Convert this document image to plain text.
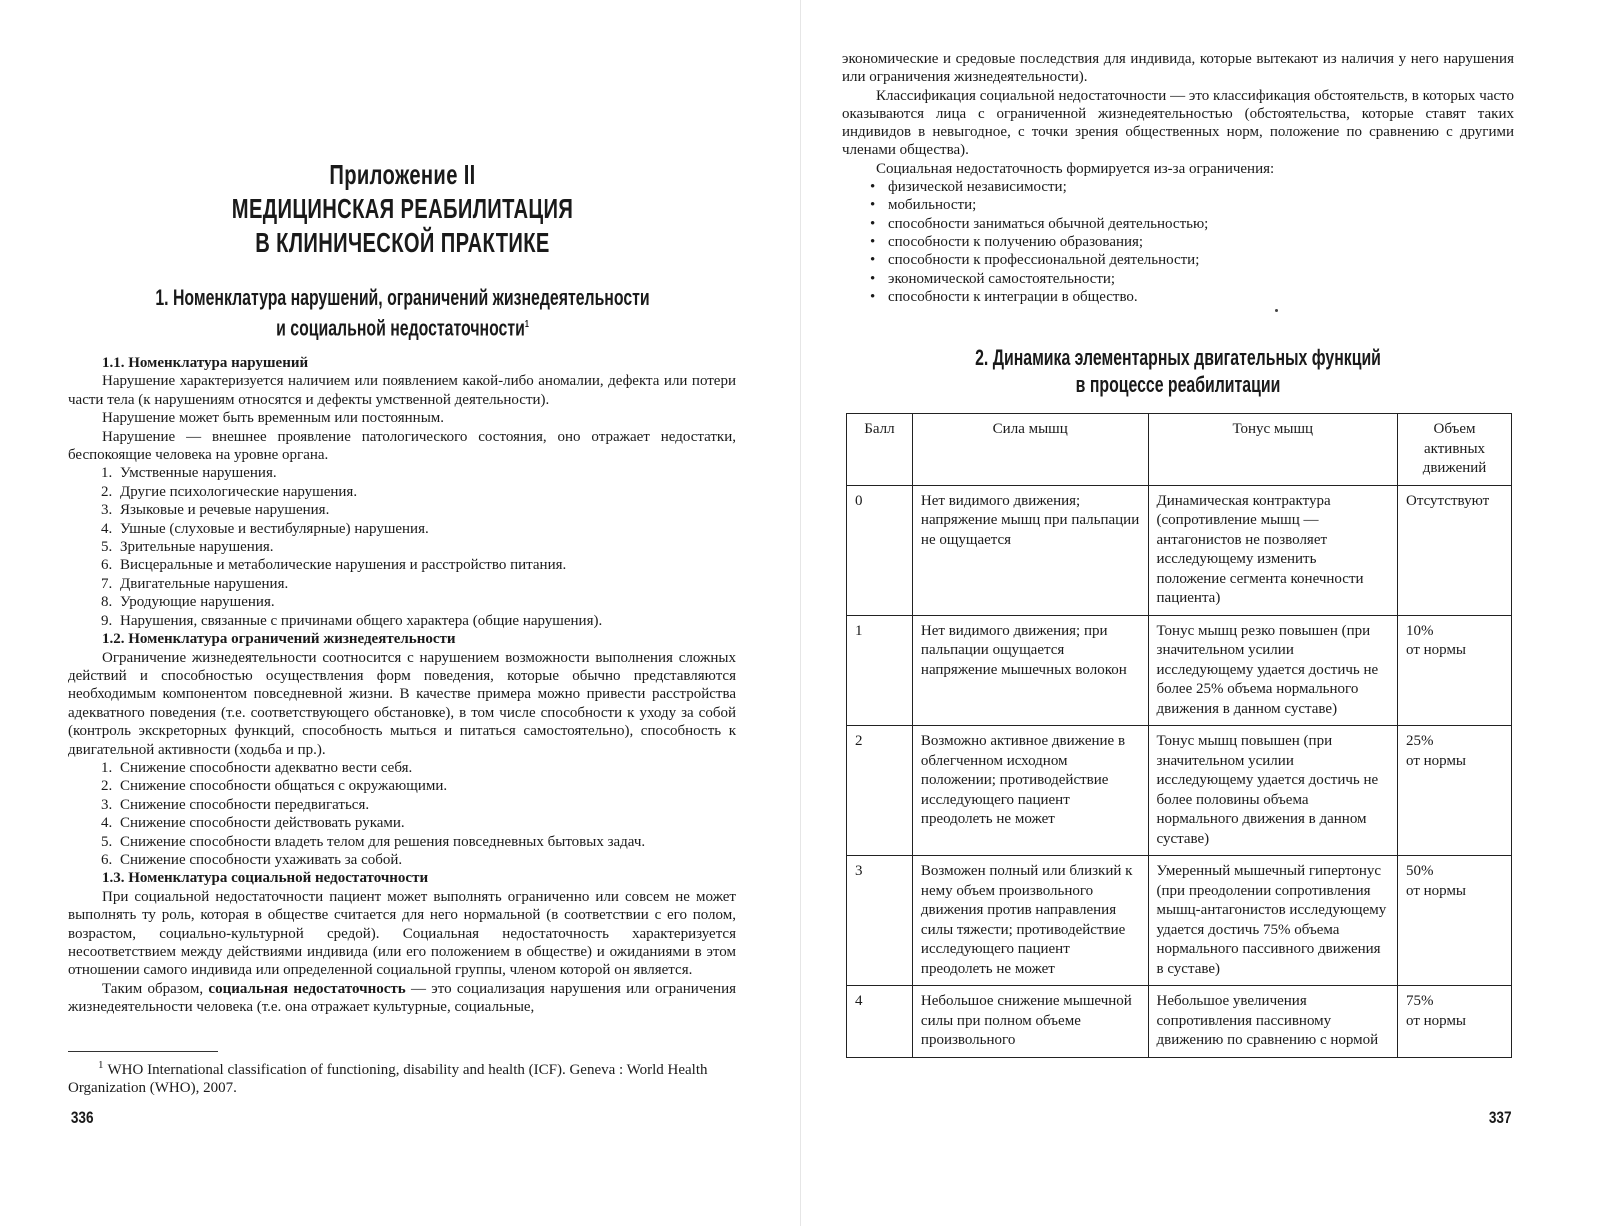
Приложение II
МЕДИЦИНСКАЯ РЕАБИЛИТАЦИЯ
В КЛИНИЧЕСКОЙ ПРАКТИКЕ
1. Номенклатура нарушений, ограничений жизнедеятельности
и социальной недостаточности$^1$

1.1. Номенклатура нарушений

Нарушение характеризуется наличием или появлением какой-либо аномалии, дефекта или потери части тела (к нарушениям относятся и дефекты умственной деятельности).

Нарушение может быть временным или постоянным.

Нарушение — внешнее проявление патологического состояния, оно отражает недостатки, беспокоящие человека на уровне органа.

1. Умственные нарушения.
2. Другие психологические нарушения.
3. Языковые и речевые нарушения.
4. Ушные (слуховые и вестибулярные) нарушения.
5. Зрительные нарушения.
6. Висцеральные и метаболические нарушения и расстройство питания.
7. Двигательные нарушения.
8. Уродующие нарушения.
9. Нарушения, связанные с причинами общего характера (общие нарушения).

1.2. Номенклатура ограничений жизнедеятельности

Ограничение жизнедеятельности соотносится с нарушением возможности выполнения сложных действий и способностью осуществления форм поведения, которые обычно представляются необходимым компонентом повседневной жизни. В качестве примера можно привести расстройства адекватного поведения (т.е. соответствующего обстановке), в том числе способности к уходу за собой (контроль экскреторных функций, способность мыться и питаться самостоятельно), способность к двигательной активности (ходьба и пр.).

1. Снижение способности адекватно вести себя.
2. Снижение способности общаться с окружающими.
3. Снижение способности передвигаться.
4. Снижение способности действовать руками.
5. Снижение способности владеть телом для решения повседневных бытовых задач.
6. Снижение способности ухаживать за собой.

1.3. Номенклатура социальной недостаточности

При социальной недостаточности пациент может выполнять ограниченно или совсем не может выполнять ту роль, которая в обществе считается для него нормальной (в соответствии с его полом, возрастом, социально-культурной средой). Социальная недостаточность характеризуется несоответствием между действиями индивида (или его положением в обществе) и ожиданиями в этом отношении самого индивида или определенной социальной группы, членом которой он является.

Таким образом, социальная недостаточность — это социализация нарушения или ограничения жизнедеятельности человека (т.е. она отражает культурные, социальные,

$^1$ WHO International classification of functioning, disability and health (ICF). Geneva : World Health Organization (WHO), 2007.
336

экономические и средовые последствия для индивида, которые вытекают из наличия у него нарушения или ограничения жизнедеятельности).

Классификация социальной недостаточности — это классификация обстоятельств, в которых часто оказываются лица с ограниченной жизнедеятельностью (обстоятельства, которые ставят таких индивидов в невыгодное, с точки зрения общественных норм, положение по сравнению с другими членами общества).

Социальная недостаточность формируется из-за ограничения:

• физической независимости;
• мобильности;
• способности заниматься обычной деятельностью;
• способности к получению образования;
• способности к профессиональной деятельности;
• экономической самостоятельности;
• способности к интеграции в общество.
2. Динамика элементарных двигательных функций
в процессе реабилитации
Балл	Сила мышц	Тонус мышц	Объем активных движений
0	Нет видимого движения; напряжение мышц при пальпации не ощущается	Динамическая контрактура (сопротивление мышц — антагонистов не позволяет исследующему изменить положение сегмента конечности пациента)	Отсутствуют
1	Нет видимого движения; при пальпации ощущается напряжение мышечных волокон	Тонус мышц резко повышен (при значительном усилии исследующему удается достичь не более 25% объема нормального движения в данном суставе)	10%
от нормы
2	Возможно активное движение в облегченном исходном положении; противодействие исследующего пациент преодолеть не может	Тонус мышц повышен (при значительном усилии исследующему удается достичь не более половины объема нормального движения в данном суставе)	25%
от нормы
3	Возможен полный или близкий к нему объем произвольного движения против направления силы тяжести; противодействие исследующего пациент преодолеть не может	Умеренный мышечный гипертонус (при преодолении сопротивления мышц-антагонистов исследующему удается достичь 75% объема нормального пассивного движения в суставе)	50%
от нормы
4	Небольшое снижение мышечной силы при полном объеме произвольного	Небольшое увеличения сопротивления пассивному движению по сравнению с нормой	75%
от нормы
337
